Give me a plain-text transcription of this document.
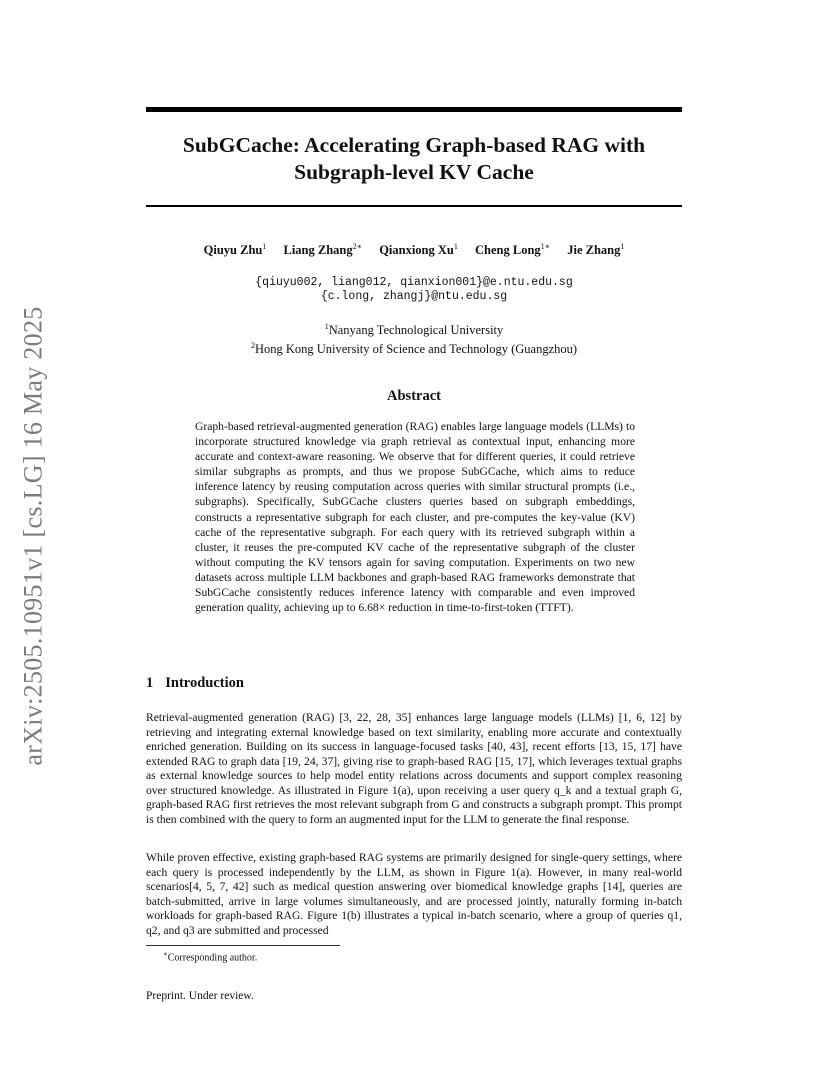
arXiv:2505.10951v1 [cs.LG] 16 May 2025
SubGCache: Accelerating Graph-based RAG with
Subgraph-level KV Cache
Qiuyu Zhu$^1$ Liang Zhang$^{2∗}$ Qianxiong Xu$^1$ Cheng Long$^{1∗}$ Jie Zhang$^1$
{qiuyu002, liang012, qianxion001}@e.ntu.edu.sg
{c.long, zhangj}@ntu.edu.sg
$^1$Nanyang Technological University
$^2$Hong Kong University of Science and Technology (Guangzhou)
Abstract
Graph-based retrieval-augmented generation (RAG) enables large language models (LLMs) to incorporate structured knowledge via graph retrieval as contextual input, enhancing more accurate and context-aware reasoning. We observe that for different queries, it could retrieve similar subgraphs as prompts, and thus we propose SubGCache, which aims to reduce inference latency by reusing computation across queries with similar structural prompts (i.e., subgraphs). Specifically, SubGCache clusters queries based on subgraph embeddings, constructs a representative subgraph for each cluster, and pre-computes the key-value (KV) cache of the representative subgraph. For each query with its retrieved subgraph within a cluster, it reuses the pre-computed KV cache of the representative subgraph of the cluster without computing the KV tensors again for saving computation. Experiments on two new datasets across multiple LLM backbones and graph-based RAG frameworks demonstrate that SubGCache consistently reduces inference latency with comparable and even improved generation quality, achieving up to 6.68× reduction in time-to-first-token (TTFT).
1 Introduction
Retrieval-augmented generation (RAG) [3, 22, 28, 35] enhances large language models (LLMs) [1, 6, 12] by retrieving and integrating external knowledge based on text similarity, enabling more accurate and contextually enriched generation. Building on its success in language-focused tasks [40, 43], recent efforts [13, 15, 17] have extended RAG to graph data [19, 24, 37], giving rise to graph-based RAG [15, 17], which leverages textual graphs as external knowledge sources to help model entity relations across documents and support complex reasoning over structured knowledge. As illustrated in Figure 1(a), upon receiving a user query q_k and a textual graph G, graph-based RAG first retrieves the most relevant subgraph from G and constructs a subgraph prompt. This prompt is then combined with the query to form an augmented input for the LLM to generate the final response.
While proven effective, existing graph-based RAG systems are primarily designed for single-query settings, where each query is processed independently by the LLM, as shown in Figure 1(a). However, in many real-world scenarios[4, 5, 7, 42] such as medical question answering over biomedical knowledge graphs [14], queries are batch-submitted, arrive in large volumes simultaneously, and are processed jointly, naturally forming in-batch workloads for graph-based RAG. Figure 1(b) illustrates a typical in-batch scenario, where a group of queries q1, q2, and q3 are submitted and processed
∗Corresponding author.
Preprint. Under review.
